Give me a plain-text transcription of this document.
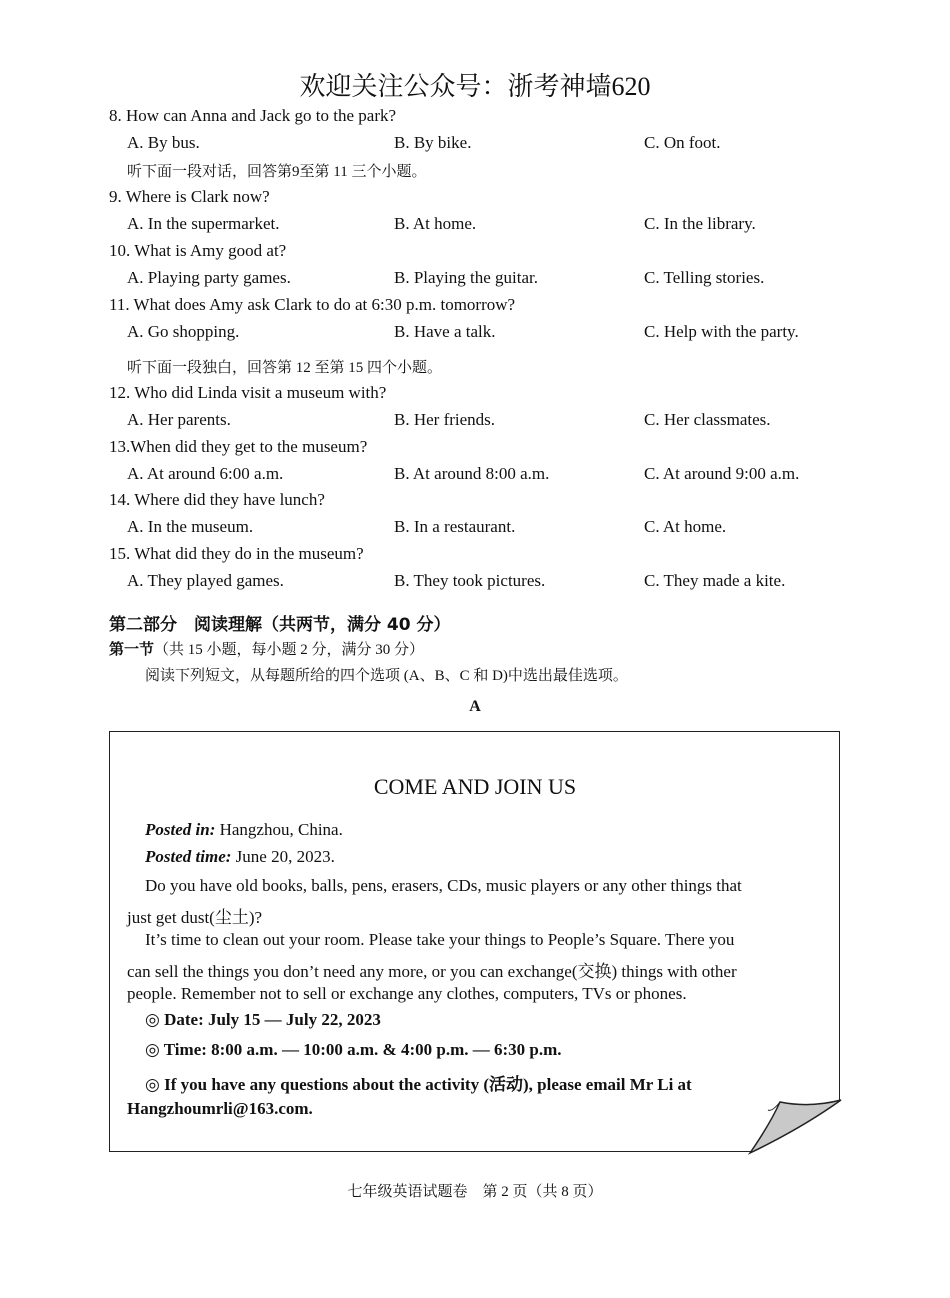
欢迎关注公众号：浙考神墙620
8. How can Anna and Jack go to the park?
A. By bus.	B. By bike.	C. On foot.
听下面一段对话，回答第9至第 11 三个小题。
9. Where is Clark now?
A. In the supermarket.	B. At home.	C. In the library.
10. What is Amy good at?
A. Playing party games.	B. Playing the guitar.	C. Telling stories.
11. What does Amy ask Clark to do at 6:30 p.m. tomorrow?
A. Go shopping.	B. Have a talk.	C. Help with the party.
听下面一段独白，回答第 12 至第 15 四个小题。
12. Who did Linda visit a museum with?
A. Her parents.	B. Her friends.	C. Her classmates.
13.When did they get to the museum?
A. At around 6:00 a.m.	B. At around 8:00 a.m.	C. At around 9:00 a.m.
14. Where did they have lunch?
A. In the museum.	B. In a restaurant.	C. At home.
15. What did they do in the museum?
A. They played games.	B. They took pictures.	C. They made a kite.
第二部分　阅读理解（共两节，满分 40 分）
第一节（共 15 小题，每小题 2 分，满分 30 分）
阅读下列短文，从每题所给的四个选项 (A、B、C 和 D)中选出最佳选项。
A
COME AND JOIN US
Posted in: Hangzhou, China.
Posted time: June 20, 2023.
Do you have old books, balls, pens, erasers, CDs, music players or any other things that
just get dust(尘土)?
It’s time to clean out your room. Please take your things to People’s Square. There you
can sell the things you don’t need any more, or you can exchange(交换) things with other
people. Remember not to sell or exchange any clothes, computers, TVs or phones.
◎ Date: July 15 — July 22, 2023
◎ Time: 8:00 a.m. — 10:00 a.m. & 4:00 p.m. — 6:30 p.m.
◎ If you have any questions about the activity (活动), please email Mr Li at
Hangzhoumrli@163.com.
七年级英语试题卷　第 2 页（共 8 页）
